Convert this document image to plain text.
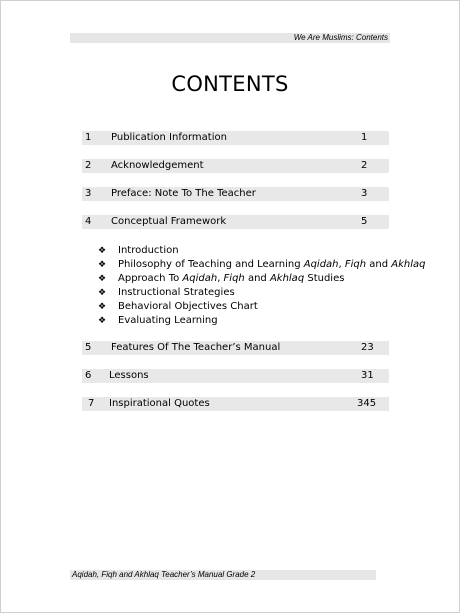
We Are Muslims: Contents
CONTENTS
1 Publication Information	1
2 Acknowledgement	2
3 Preface: Note To The Teacher	3
4 Conceptual Framework	5
❖ Introduction
❖ Philosophy of Teaching and Learning Aqidah, Fiqh and Akhlaq
❖ Approach To Aqidah, Fiqh and Akhlaq Studies
❖ Instructional Strategies
❖ Behavioral Objectives Chart
❖ Evaluating Learning
5 Features Of The Teacher’s Manual	23
6 Lessons	31
7 Inspirational Quotes	345
Aqidah, Fiqh and Akhlaq Teacher’s Manual Grade 2
